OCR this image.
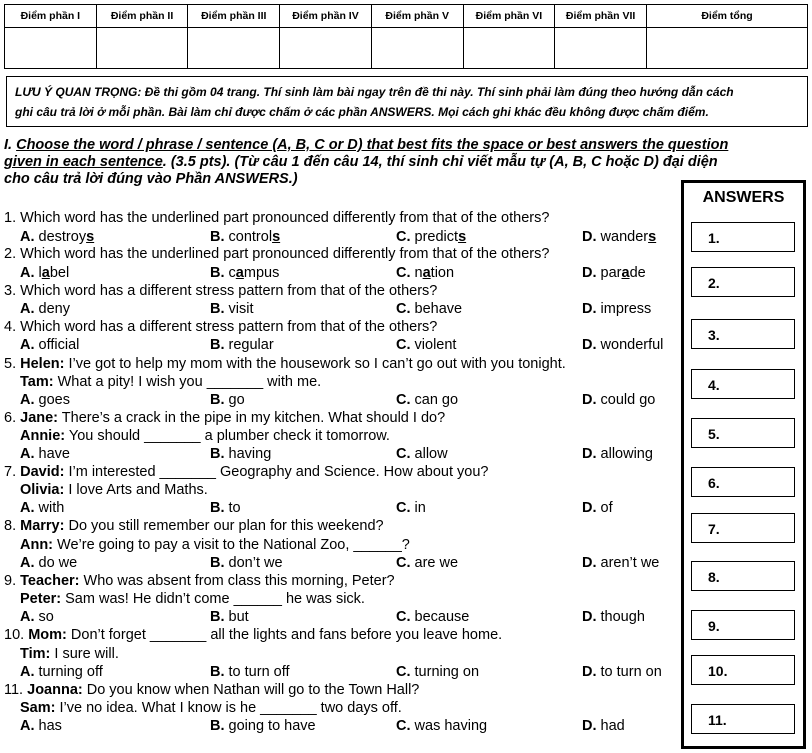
Điểm phần I	Điểm phần II	Điểm phần III	Điểm phần IV	Điểm phần V	Điểm phần VI	Điểm phần VII	Điểm tổng

LƯU Ý QUAN TRỌNG: Đề thi gồm 04 trang. Thí sinh làm bài ngay trên đề thi này. Thí sinh phải làm đúng theo hướng dẫn cách
ghi câu trả lời ở mỗi phần. Bài làm chỉ được chấm ở các phần ANSWERS. Mọi cách ghi khác đều không được chấm điểm.
I. Choose the word / phrase / sentence (A, B, C or D) that best fits the space or best answers the question
given in each sentence. (3.5 pts). (Từ câu 1 đến câu 14, thí sinh chỉ viết mẫu tự (A, B, C hoặc D) đại diện
cho câu trả lời đúng vào Phần ANSWERS.)
1. Which word has the underlined part pronounced differently from that of the others?
A. destroys	B. controls	C. predicts	D. wanders
2. Which word has the underlined part pronounced differently from that of the others?
A. label	B. campus	C. nation	D. parade
3. Which word has a different stress pattern from that of the others?
A. deny	B. visit	C. behave	D. impress
4. Which word has a different stress pattern from that of the others?
A. official	B. regular	C. violent	D. wonderful
5. Helen: I’ve got to help my mom with the housework so I can’t go out with you tonight.
Tam: What a pity! I wish you _______ with me.
A. goes	B. go	C. can go	D. could go
6. Jane: There’s a crack in the pipe in my kitchen. What should I do?
Annie: You should _______ a plumber check it tomorrow.
A. have	B. having	C. allow	D. allowing
7. David: I’m interested _______ Geography and Science. How about you?
Olivia: I love Arts and Maths.
A. with	B. to	C. in	D. of
8. Marry: Do you still remember our plan for this weekend?
Ann: We’re going to pay a visit to the National Zoo, ______?
A. do we	B. don’t we	C. are we	D. aren’t we
9. Teacher: Who was absent from class this morning, Peter?
Peter: Sam was! He didn’t come ______ he was sick.
A. so	B. but	C. because	D. though
10. Mom: Don’t forget _______ all the lights and fans before you leave home.
Tim: I sure will.
A. turning off	B. to turn off	C. turning on	D. to turn on
11. Joanna: Do you know when Nathan will go to the Town Hall?
Sam: I’ve no idea. What I know is he _______ two days off.
A. has	B. going to have	C. was having	D. had
ANSWERS
1.
2.
3.
4.
5.
6.
7.
8.
9.
10.
11.
